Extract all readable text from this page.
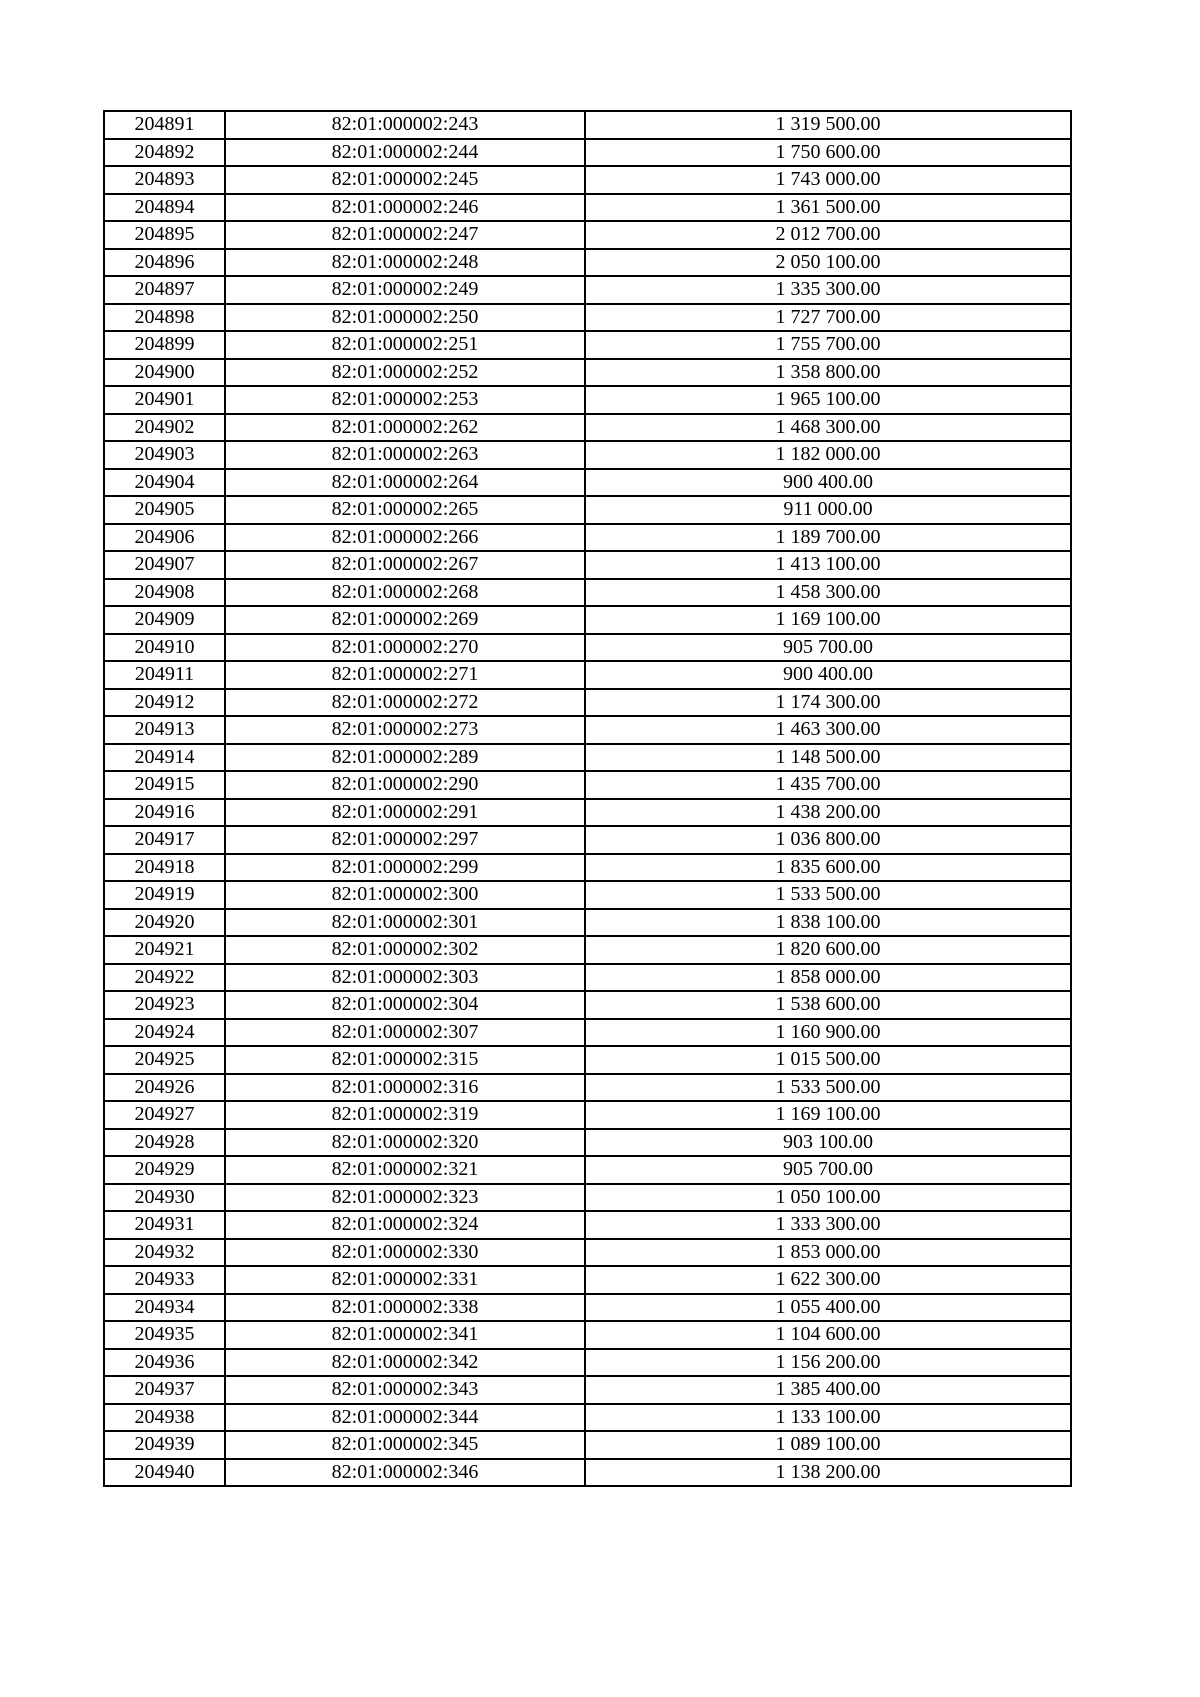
204891	82:01:000002:243	1 319 500.00
204892	82:01:000002:244	1 750 600.00
204893	82:01:000002:245	1 743 000.00
204894	82:01:000002:246	1 361 500.00
204895	82:01:000002:247	2 012 700.00
204896	82:01:000002:248	2 050 100.00
204897	82:01:000002:249	1 335 300.00
204898	82:01:000002:250	1 727 700.00
204899	82:01:000002:251	1 755 700.00
204900	82:01:000002:252	1 358 800.00
204901	82:01:000002:253	1 965 100.00
204902	82:01:000002:262	1 468 300.00
204903	82:01:000002:263	1 182 000.00
204904	82:01:000002:264	900 400.00
204905	82:01:000002:265	911 000.00
204906	82:01:000002:266	1 189 700.00
204907	82:01:000002:267	1 413 100.00
204908	82:01:000002:268	1 458 300.00
204909	82:01:000002:269	1 169 100.00
204910	82:01:000002:270	905 700.00
204911	82:01:000002:271	900 400.00
204912	82:01:000002:272	1 174 300.00
204913	82:01:000002:273	1 463 300.00
204914	82:01:000002:289	1 148 500.00
204915	82:01:000002:290	1 435 700.00
204916	82:01:000002:291	1 438 200.00
204917	82:01:000002:297	1 036 800.00
204918	82:01:000002:299	1 835 600.00
204919	82:01:000002:300	1 533 500.00
204920	82:01:000002:301	1 838 100.00
204921	82:01:000002:302	1 820 600.00
204922	82:01:000002:303	1 858 000.00
204923	82:01:000002:304	1 538 600.00
204924	82:01:000002:307	1 160 900.00
204925	82:01:000002:315	1 015 500.00
204926	82:01:000002:316	1 533 500.00
204927	82:01:000002:319	1 169 100.00
204928	82:01:000002:320	903 100.00
204929	82:01:000002:321	905 700.00
204930	82:01:000002:323	1 050 100.00
204931	82:01:000002:324	1 333 300.00
204932	82:01:000002:330	1 853 000.00
204933	82:01:000002:331	1 622 300.00
204934	82:01:000002:338	1 055 400.00
204935	82:01:000002:341	1 104 600.00
204936	82:01:000002:342	1 156 200.00
204937	82:01:000002:343	1 385 400.00
204938	82:01:000002:344	1 133 100.00
204939	82:01:000002:345	1 089 100.00
204940	82:01:000002:346	1 138 200.00
